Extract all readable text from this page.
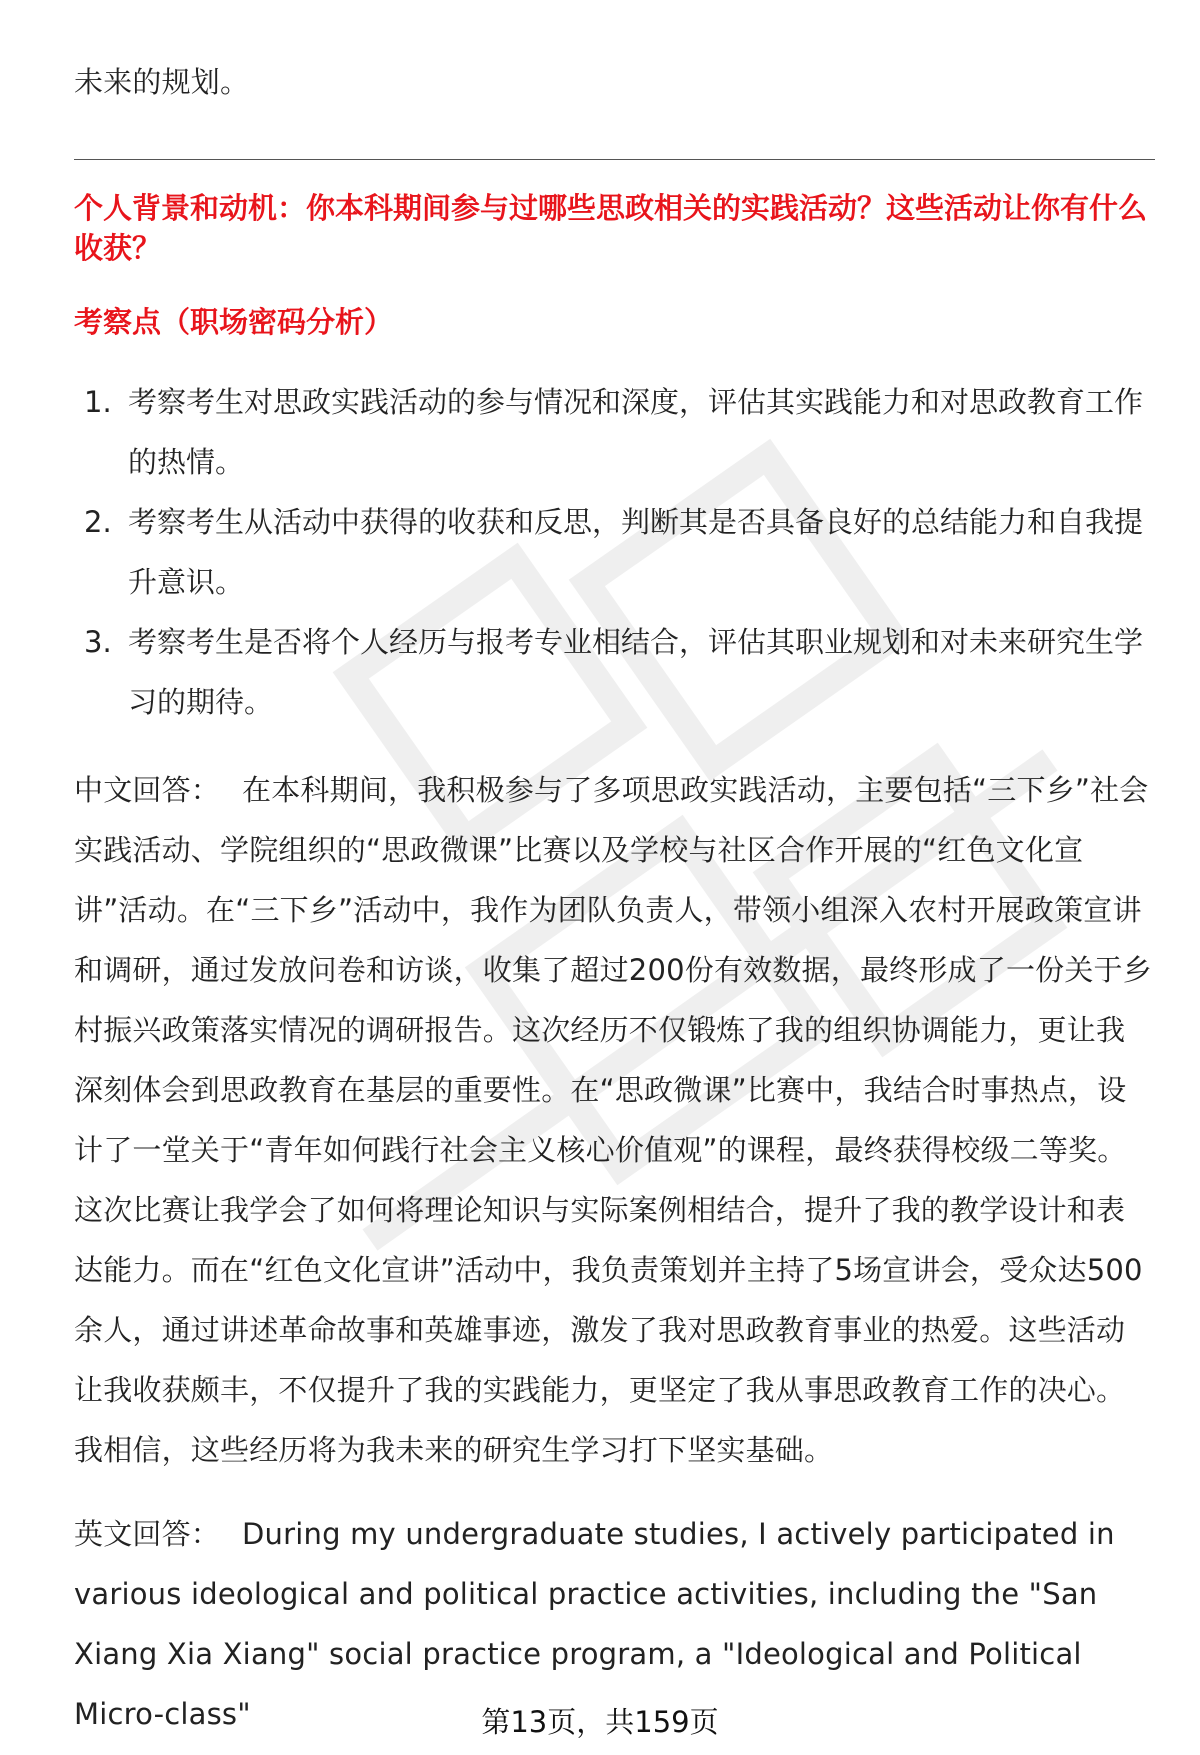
未来的规划。
个人背景和动机：你本科期间参与过哪些思政相关的实践活动？这些活动让你有什么收获？
考察点（职场密码分析）
1. 考察考生对思政实践活动的参与情况和深度，评估其实践能力和对思政教育工作的热情。
2. 考察考生从活动中获得的收获和反思，判断其是否具备良好的总结能力和自我提升意识。
3. 考察考生是否将个人经历与报考专业相结合，评估其职业规划和对未来研究生学习的期待。
中文回答： 在本科期间，我积极参与了多项思政实践活动，主要包括“三下乡”社会实践活动、学院组织的“思政微课”比赛以及学校与社区合作开展的“红色文化宣讲”活动。在“三下乡”活动中，我作为团队负责人，带领小组深入农村开展政策宣讲和调研，通过发放问卷和访谈，收集了超过200份有效数据，最终形成了一份关于乡村振兴政策落实情况的调研报告。这次经历不仅锻炼了我的组织协调能力，更让我深刻体会到思政教育在基层的重要性。在“思政微课”比赛中，我结合时事热点，设计了一堂关于“青年如何践行社会主义核心价值观”的课程，最终获得校级二等奖。这次比赛让我学会了如何将理论知识与实际案例相结合，提升了我的教学设计和表达能力。而在“红色文化宣讲”活动中，我负责策划并主持了5场宣讲会，受众达500余人，通过讲述革命故事和英雄事迹，激发了我对思政教育事业的热爱。这些活动让我收获颇丰，不仅提升了我的实践能力，更坚定了我从事思政教育工作的决心。我相信，这些经历将为我未来的研究生学习打下坚实基础。
英文回答： During my undergraduate studies, I actively participated in various ideological and political practice activities, including the "San Xiang Xia Xiang" social practice program, a "Ideological and Political Micro-class"	第13页，共159页
